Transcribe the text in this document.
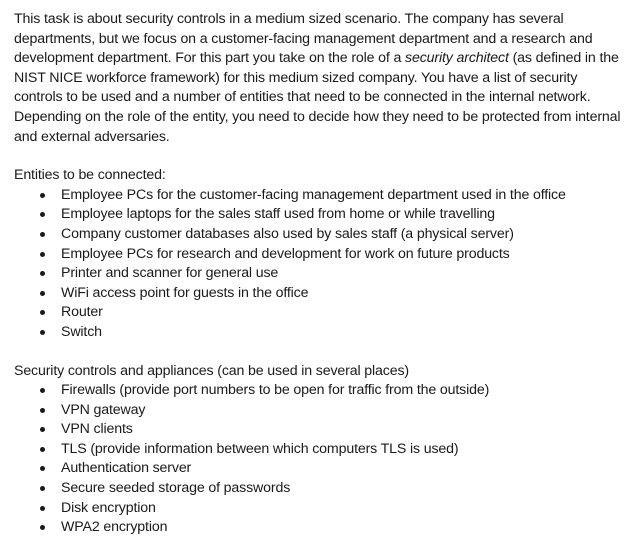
This task is about security controls in a medium sized scenario. The company has several departments, but we focus on a customer-facing management department and a research and development department. For this part you take on the role of a security architect (as defined in the NIST NICE workforce framework) for this medium sized company. You have a list of security controls to be used and a number of entities that need to be connected in the internal network. Depending on the role of the entity, you need to decide how they need to be protected from internal and external adversaries.

Entities to be connected:

Employee PCs for the customer-facing management department used in the office
Employee laptops for the sales staff used from home or while travelling
Company customer databases also used by sales staff (a physical server)
Employee PCs for research and development for work on future products
Printer and scanner for general use
WiFi access point for guests in the office
Router
Switch

Security controls and appliances (can be used in several places)

Firewalls (provide port numbers to be open for traffic from the outside)
VPN gateway
VPN clients
TLS (provide information between which computers TLS is used)
Authentication server
Secure seeded storage of passwords
Disk encryption
WPA2 encryption
